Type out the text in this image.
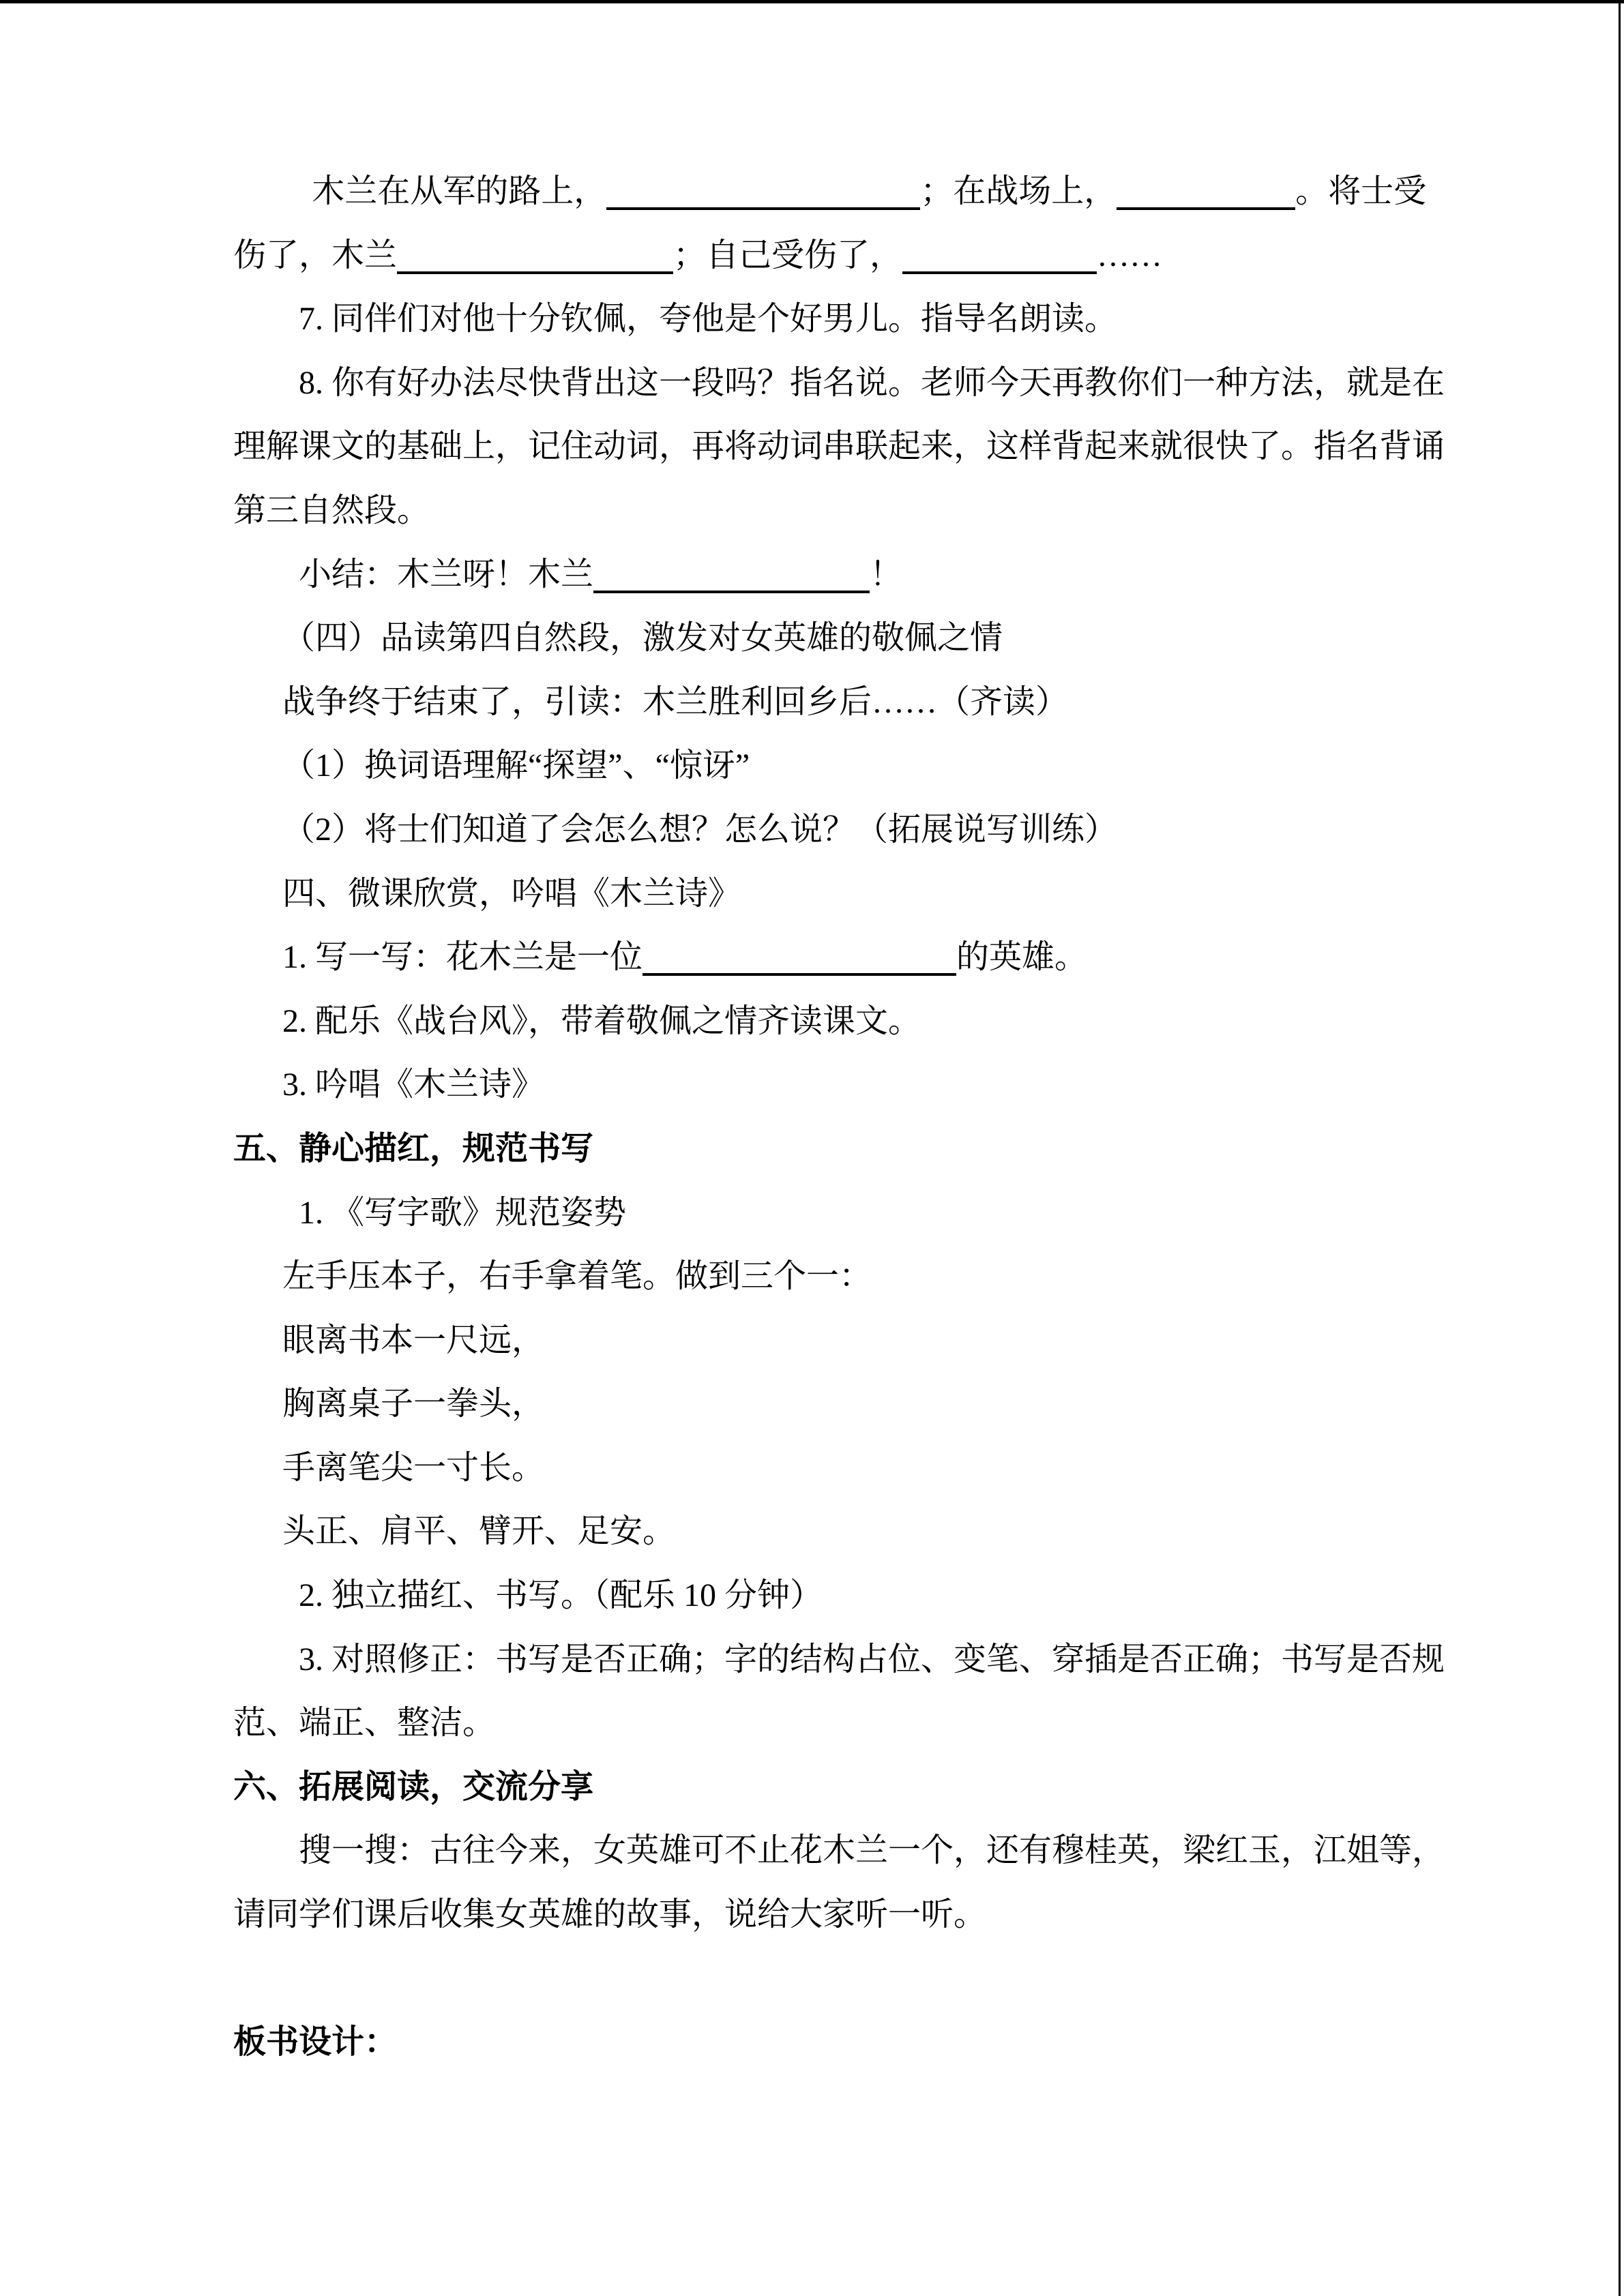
木兰在从军的路上，	；在战场上，	。将士受
伤了，木兰	；自己受伤了，	……
7. 同伴们对他十分钦佩，夸他是个好男儿。指导名朗读。
8. 你有好办法尽快背出这一段吗？指名说。老师今天再教你们一种方法，就是在
理解课文的基础上，记住动词，再将动词串联起来，这样背起来就很快了。指名背诵
第三自然段。
小结：木兰呀！木兰	！
（四）品读第四自然段，激发对女英雄的敬佩之情
战争终于结束了，引读：木兰胜利回乡后……（齐读）
（1）换词语理解“探望”、“惊讶”
（2）将士们知道了会怎么想？怎么说？（拓展说写训练）
四、微课欣赏，吟唱《木兰诗》
1. 写一写：花木兰是一位	的英雄。
2. 配乐《战台风》，带着敬佩之情齐读课文。
3. 吟唱《木兰诗》
五、静心描红，规范书写
1. 《写字歌》规范姿势
左手压本子，右手拿着笔。做到三个一：
眼离书本一尺远，
胸离桌子一拳头，
手离笔尖一寸长。
头正、肩平、臂开、足安。
2. 独立描红、书写。（配乐 10 分钟）
3. 对照修正：书写是否正确；字的结构占位、变笔、穿插是否正确；书写是否规
范、端正、整洁。
六、拓展阅读，交流分享
搜一搜：古往今来，女英雄可不止花木兰一个，还有穆桂英，梁红玉，江姐等，
请同学们课后收集女英雄的故事，说给大家听一听。
板书设计：
